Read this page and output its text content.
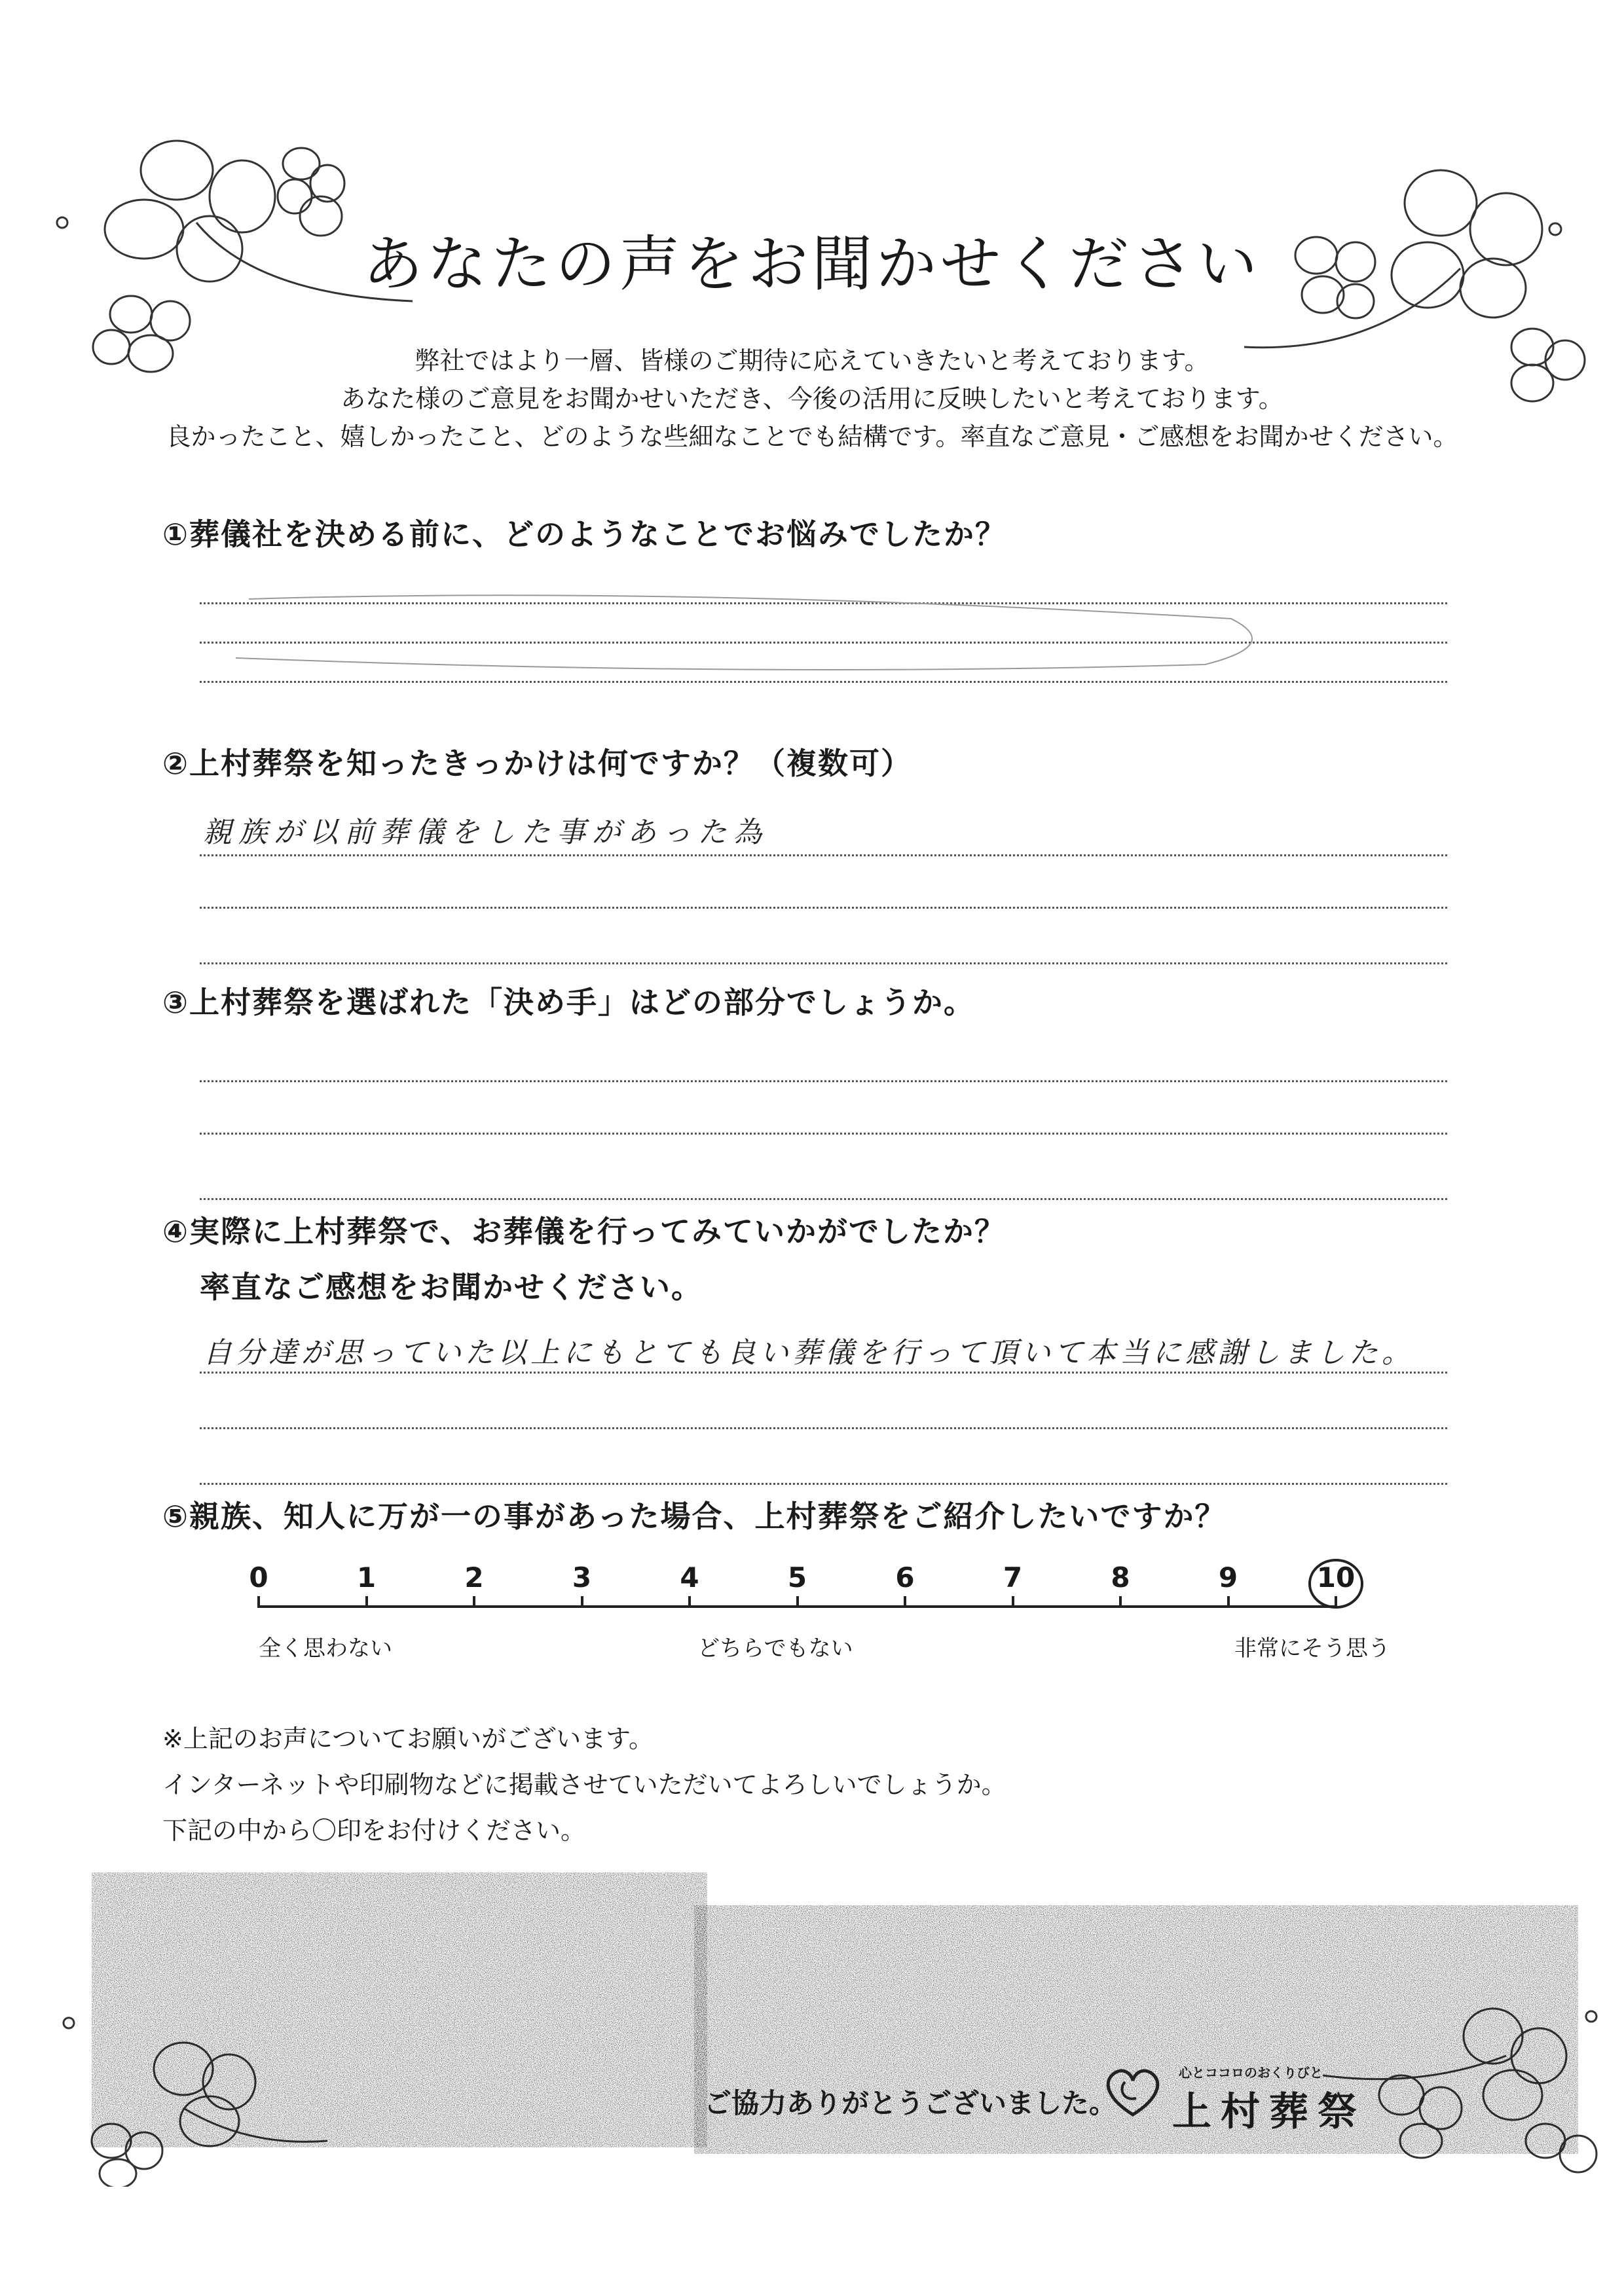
あなたの声をお聞かせください
弊社ではより一層、皆様のご期待に応えていきたいと考えております。
あなた様のご意見をお聞かせいただき、今後の活用に反映したいと考えております。
良かったこと、嬉しかったこと、どのような些細なことでも結構です。率直なご意見・ご感想をお聞かせください。
①葬儀社を決める前に、どのようなことでお悩みでしたか？
②上村葬祭を知ったきっかけは何ですか？（複数可）
親族が以前葬儀をした事があった為
③上村葬祭を選ばれた「決め手」はどの部分でしょうか。
④実際に上村葬祭で、お葬儀を行ってみていかがでしたか？
率直なご感想をお聞かせください。
自分達が思っていた以上にもとても良い葬儀を行って頂いて本当に感謝しました。
⑤親族、知人に万が一の事があった場合、上村葬祭をご紹介したいですか？
0	1	2	3	4	5	6	7	8	9	10
全く思わない	どちらでもない	非常にそう思う
※上記のお声についてお願いがございます。
インターネットや印刷物などに掲載させていただいてよろしいでしょうか。
下記の中から〇印をお付けください。
ご協力ありがとうございました。
心とココロのおくりびと
上村葬祭
